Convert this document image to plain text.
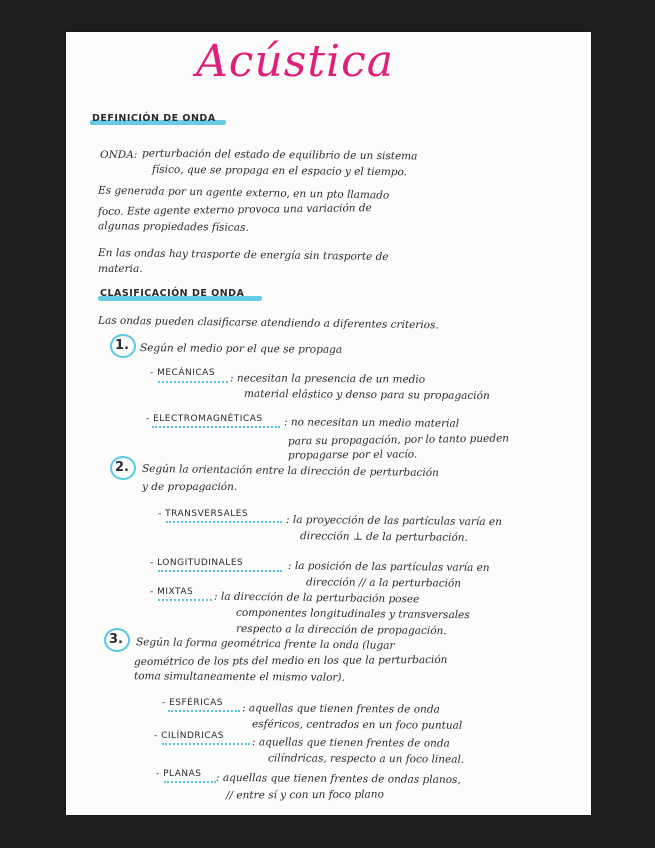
Acústica
DEFINICIÓN DE ONDA

ONDA: perturbación del estado de equilibrio de un sistema

físico, que se propaga en el espacio y el tiempo.

Es generada por un agente externo, en un pto llamado

foco. Este agente externo provoca una variación de

algunas propiedades físicas.

En las ondas hay trasporte de energía sin trasporte de

materia.

CLASIFICACIÓN DE ONDA

Las ondas pueden clasificarse atendiendo a diferentes criterios.

1. Según el medio por el que se propaga

- MECÁNICAS : necesitan la presencia de un medio

material elástico y denso para su propagación

- ELECTROMAGNÉTICAS : no necesitan un medio material

para su propagación, por lo tanto pueden

propagarse por el vacío.

2. Según la orientación entre la dirección de perturbación

y de propagación.

- TRANSVERSALES	: la proyección de las partículas varía en

dirección ⊥ de la perturbación.

- LONGITUDINALES	: la posición de las partículas varía en

dirección // a la perturbación

- MIXTAS : la dirección de la perturbación posee

componentes longitudinales y transversales

respecto a la dirección de propagación.

3. Según la forma geométrica frente la onda (lugar

geométrico de los pts del medio en los que la perturbación

toma simultaneamente el mismo valor).

- ESFÉRICAS : aquellas que tienen frentes de onda

esféricos, centrados en un foco puntual

- CILÍNDRICAS

: aquellas que tienen frentes de onda

cilíndricas, respecto a un foco lineal.

- PLANAS : aquellas que tienen frentes de ondas planos,

// entre sí y con un foco plano
